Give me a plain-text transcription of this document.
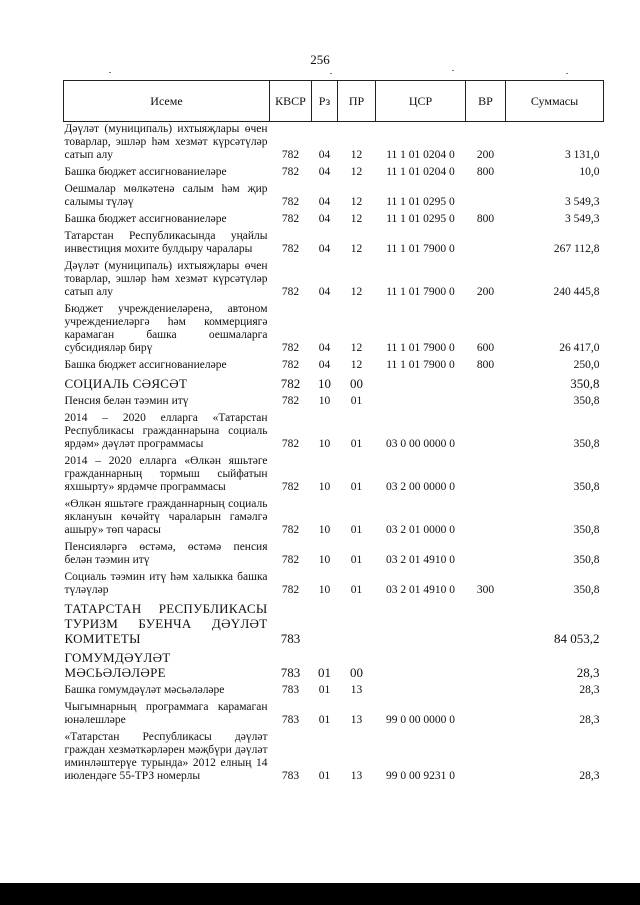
256
Исеме	КВСР	Рз	ПР	ЦСР	ВР	Суммасы
Дәүләт (муниципаль) ихтыяҗлары өчен товарлар, эшләр һәм хезмәт күрсәтүләр сатып алу	782	04	12	11 1 01 0204 0	200	3 131,0
Башка бюджет ассигнованиеләре	782	04	12	11 1 01 0204 0	800	10,0
Оешмалар мөлкәтенә салым һәм җир салымы түләү	782	04	12	11 1 01 0295 0		3 549,3
Башка бюджет ассигнованиеләре	782	04	12	11 1 01 0295 0	800	3 549,3
Татарстан Республикасында уңайлы инвестиция мохите булдыру чаралары	782	04	12	11 1 01 7900 0		267 112,8
Дәүләт (муниципаль) ихтыяҗлары өчен товарлар, эшләр һәм хезмәт күрсәтүләр сатып алу	782	04	12	11 1 01 7900 0	200	240 445,8
Бюджет учреждениеләренә, автоном учреждениеләргә һәм коммерциягә карамаган башка оешмаларга субсидияләр бирү	782	04	12	11 1 01 7900 0	600	26 417,0
Башка бюджет ассигнованиеләре	782	04	12	11 1 01 7900 0	800	250,0
СОЦИАЛЬ СӘЯСӘТ	782	10	00			350,8
Пенсия белән тәэмин итү	782	10	01			350,8
2014 – 2020 елларга «Татарстан Республикасы гражданнарына социаль ярдәм» дәүләт программасы	782	10	01	03 0 00 0000 0		350,8
2014 – 2020 елларга «Өлкән яшьтәге гражданнарның тормыш сыйфатын яхшырту» ярдәмче программасы	782	10	01	03 2 00 0000 0		350,8
«Өлкән яшьтәге гражданнарның социаль яклануын көчәйтү чараларын гамәлгә ашыру» төп чарасы	782	10	01	03 2 01 0000 0		350,8
Пенсияләргә өстәмә, өстәмә пенсия белән тәэмин итү	782	10	01	03 2 01 4910 0		350,8
Социаль тәэмин итү һәм халыкка башка түләүләр	782	10	01	03 2 01 4910 0	300	350,8
ТАТАРСТАН РЕСПУБЛИКАСЫ ТУРИЗМ БУЕНЧА ДӘҮЛӘТ КОМИТЕТЫ	783					84 053,2
ГОМУМДӘҮЛӘТ МӘСЬӘЛӘЛӘРЕ	783	01	00			28,3
Башка гомумдәүләт мәсьәләләре	783	01	13			28,3
Чыгымнарның программага карамаган юнәлешләре	783	01	13	99 0 00 0000 0		28,3
«Татарстан Республикасы дәүләт граждан хезмәткәрләрен мәҗбүри дәүләт иминләштерүе турында» 2012 елның 14 июлендәге 55-ТРЗ номерлы	783	01	13	99 0 00 9231 0		28,3
